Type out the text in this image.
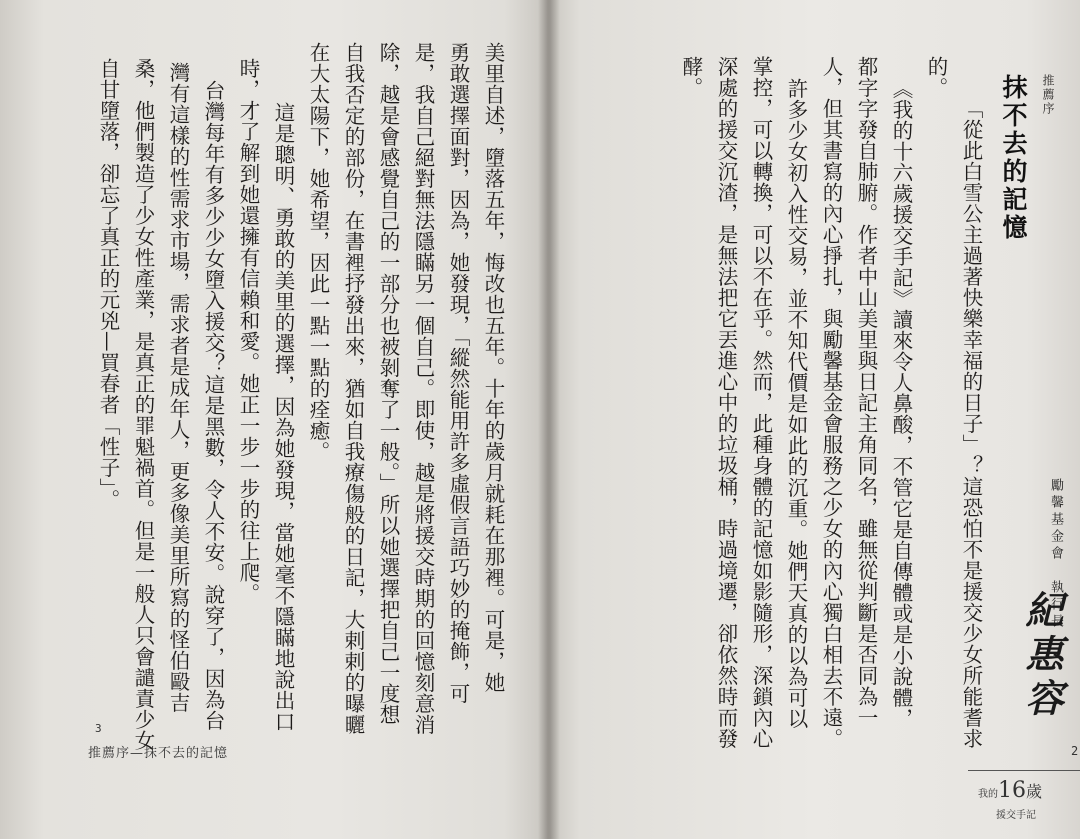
美里自述，墮落五年，悔改也五年。十年的歲月就耗在那裡。可是，她
勇敢選擇面對，因為，她發現，「縱然能用許多虛假言語巧妙的掩飾，可
是，我自己絕對無法隱瞞另一個自己。即使，越是將援交時期的回憶刻意消
除，越是會感覺自己的一部分也被剝奪了一般。」所以她選擇把自己一度想
自我否定的部份，在書裡抒發出來，猶如自我療傷般的日記，大剌剌的曝曬
在大太陽下，她希望，因此一點一點的痊癒。
這是聰明、勇敢的美里的選擇，因為她發現，當她毫不隱瞞地說出口
時，才了解到她還擁有信賴和愛。她正一步一步的往上爬。
台灣每年有多少少女墮入援交？這是黑數，令人不安。說穿了，因為台
灣有這樣的性需求市場，需求者是成年人，更多像美里所寫的怪伯毆吉
桑，他們製造了少女性產業，是真正的罪魁禍首。但是一般人只會譴責少女
自甘墮落，卻忘了真正的元兇—買春者「性子」。
3
推薦序—抹不去的記憶
推薦序
抹不去的記憶
「從此白雪公主過著快樂幸福的日子」？這恐怕不是援交少女所能耆求
的。
《我的十六歲援交手記》讀來令人鼻酸，不管它是自傳體或是小說體，
都字字發自肺腑。作者中山美里與日記主角同名，雖無從判斷是否同為一
人，但其書寫的內心掙扎，與勵馨基金會服務之少女的內心獨白相去不遠。
許多少女初入性交易，並不知代價是如此的沉重。她們天真的以為可以
掌控，可以轉換，可以不在乎。然而，此種身體的記憶如影隨形，深鎖內心
深處的援交沉渣，是無法把它丟進心中的垃圾桶，時過境遷，卻依然時而發
酵。
勵馨基金會　執行長
紀惠容
我的16歲
援交手記
2
